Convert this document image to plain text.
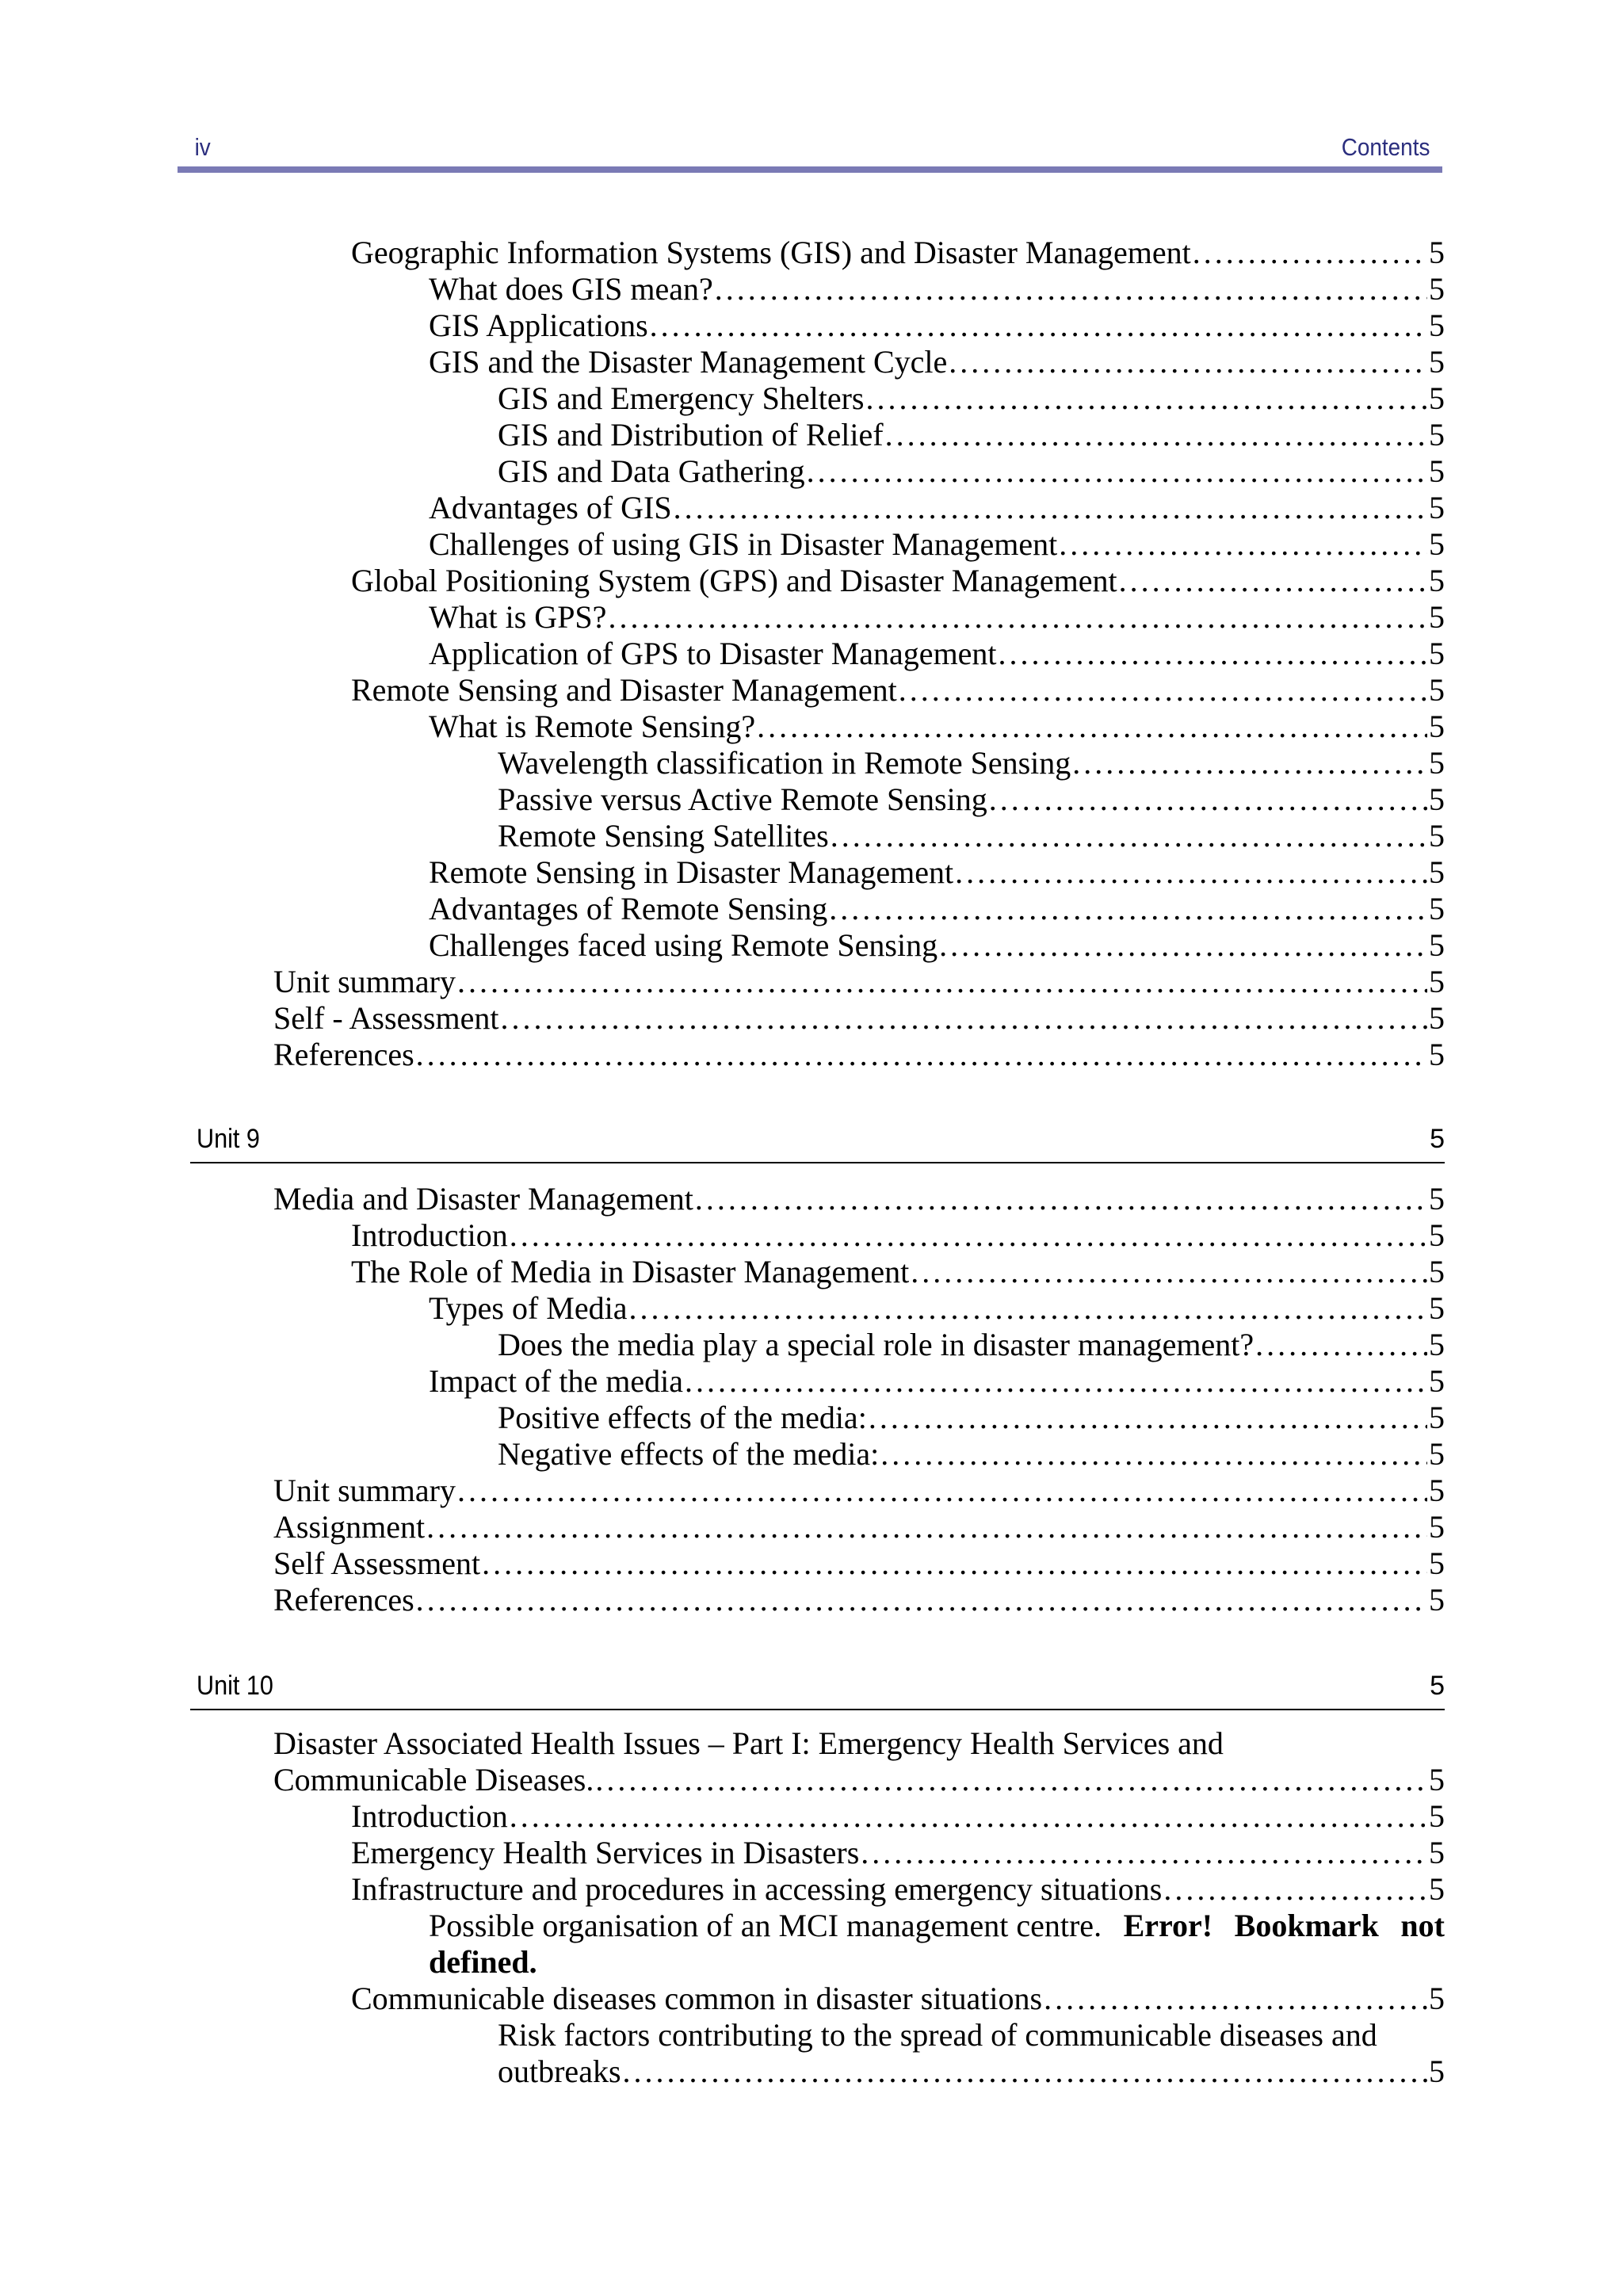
iv	Contents
Geographic Information Systems (GIS) and Disaster Management . . .	5
What does GIS mean? . . .	5
GIS Applications . . .	5
GIS and the Disaster Management Cycle . . .	5
GIS and Emergency Shelters . . .	5
GIS and Distribution of Relief . . .	5
GIS and Data Gathering . . .	5
Advantages of GIS . . .	5
Challenges of using GIS in Disaster Management . . .	5
Global Positioning System (GPS) and Disaster Management . . .	5
What is GPS? . . .	5
Application of GPS to Disaster Management . . .	5
Remote Sensing and Disaster Management . . .	5
What is Remote Sensing? . . .	5
Wavelength classification in Remote Sensing . . .	5
Passive versus Active Remote Sensing . . .	5
Remote Sensing Satellites . . .	5
Remote Sensing in Disaster Management . . .	5
Advantages of Remote Sensing . . .	5
Challenges faced using Remote Sensing . . .	5
Unit summary . . .	5
Self - Assessment . . .	5
References . . .	5
Unit 9	5
Media and Disaster Management . . .	5
Introduction . . .	5
The Role of Media in Disaster Management . . .	5
Types of Media . . .	5
Does the media play a special role in disaster management? . . .	5
Impact of the media . . .	5
Positive effects of the media: . . .	5
Negative effects of the media: . . .	5
Unit summary . . .	5
Assignment . . .	5
Self Assessment . . .	5
References . . .	5
Unit 10	5
Disaster Associated Health Issues – Part I: Emergency Health Services and
Communicable Diseases. . . .	5
Introduction . . .	5
Emergency Health Services in Disasters . . .	5
Infrastructure and procedures in accessing emergency situations . . .	5
Possible organisation of an MCI management centre. Error! Bookmark not
defined.
Communicable diseases common in disaster situations . . .	5
Risk factors contributing to the spread of communicable diseases and
outbreaks . . .	5
